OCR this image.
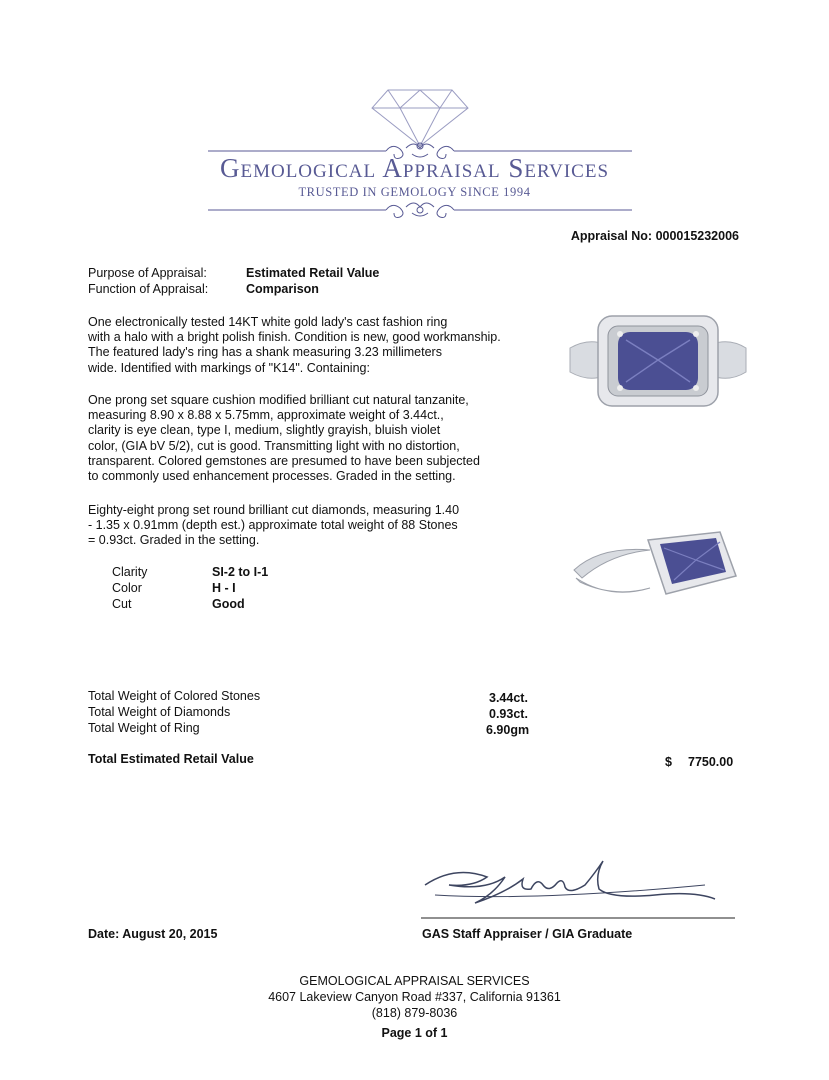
Gemological Appraisal Services
TRUSTED IN GEMOLOGY SINCE 1994
Appraisal No: 000015232006
Purpose of Appraisal:	Estimated Retail Value
Function of Appraisal:	Comparison
One electronically tested 14KT white gold lady's cast fashion ring
with a halo with a bright polish finish. Condition is new, good workmanship.
The featured lady's ring has a shank measuring 3.23 millimeters
wide. Identified with markings of "K14". Containing:
One prong set square cushion modified brilliant cut natural tanzanite,
measuring 8.90 x 8.88 x 5.75mm, approximate weight of 3.44ct.,
clarity is eye clean, type I, medium, slightly grayish, bluish violet
color, (GIA bV 5/2), cut is good. Transmitting light with no distortion,
transparent. Colored gemstones are presumed to have been subjected
to commonly used enhancement processes. Graded in the setting.
Eighty-eight prong set round brilliant cut diamonds, measuring 1.40
- 1.35 x 0.91mm (depth est.) approximate total weight of 88 Stones
= 0.93ct. Graded in the setting.
Clarity	SI-2 to I-1
Color	H - I
Cut	Good
Total Weight of Colored Stones	3.44ct.
Total Weight of Diamonds	0.93ct.
Total Weight of Ring	6.90gm
Total Estimated Retail Value	$ 7750.00
Date: August 20, 2015	GAS Staff Appraiser / GIA Graduate
GEMOLOGICAL APPRAISAL SERVICES
4607 Lakeview Canyon Road #337, California 91361
(818) 879-8036
Page 1 of 1
